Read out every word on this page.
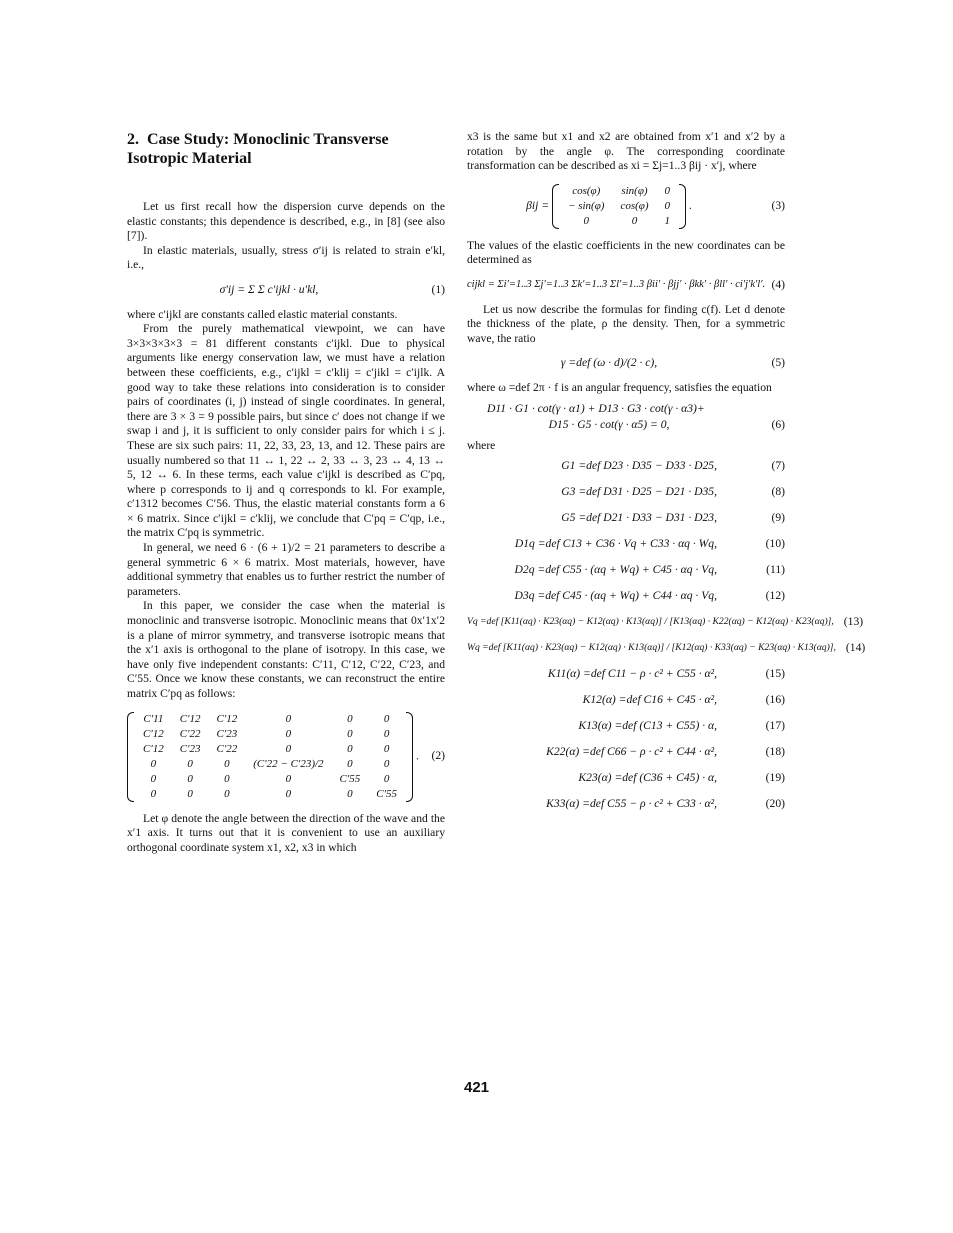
2. Case Study: Monoclinic Transverse Isotropic Material

Let us first recall how the dispersion curve depends on the elastic constants; this dependence is described, e.g., in [8] (see also [7]).

In elastic materials, usually, stress σ′ij is related to strain e′kl, i.e.,

σ′ij = Σ Σ c′ijkl · u′kl,	(1)

where c′ijkl are constants called elastic material constants.

From the purely mathematical viewpoint, we can have 3×3×3×3×3 = 81 different constants c′ijkl. Due to physical arguments like energy conservation law, we must have a relation between these coefficients, e.g., c′ijkl = c′klij = c′jikl = c′ijlk. A good way to take these relations into consideration is to consider pairs of coordinates (i, j) instead of single coordinates. In general, there are 3 × 3 = 9 possible pairs, but since c′ does not change if we swap i and j, it is sufficient to only consider pairs for which i ≤ j. These are six such pairs: 11, 22, 33, 23, 13, and 12. These pairs are usually numbered so that 11 ↔ 1, 22 ↔ 2, 33 ↔ 3, 23 ↔ 4, 13 ↔ 5, 12 ↔ 6. In these terms, each value c′ijkl is described as C′pq, where p corresponds to ij and q corresponds to kl. For example, c′1312 becomes C′56. Thus, the elastic material constants form a 6 × 6 matrix. Since c′ijkl = c′klij, we conclude that C′pq = C′qp, i.e., the matrix C′pq is symmetric.

In general, we need 6 · (6 + 1)/2 = 21 parameters to describe a general symmetric 6 × 6 matrix. Most materials, however, have additional symmetry that enables us to further restrict the number of parameters.

In this paper, we consider the case when the material is monoclinic and transverse isotropic. Monoclinic means that 0x′1x′2 is a plane of mirror symmetry, and transverse isotropic means that the x′1 axis is orthogonal to the plane of isotropy. In this case, we have only five independent constants: C′11, C′12, C′22, C′23, and C′55. Once we know these constants, we can reconstruct the entire matrix C′pq as follows:

C′11	C′12	C′12	0	0	0
C′12	C′22	C′23	0	0	0
C′12	C′23	C′22	0	0	0
0	0	0	(C′22 − C′23)/2	0	0
0	0	0	0	C′55	0
0	0	0	0	0	C′55
.	(2)

Let φ denote the angle between the direction of the wave and the x′1 axis. It turns out that it is convenient to use an auxiliary orthogonal coordinate system x1, x2, x3 in which

x3 is the same but x1 and x2 are obtained from x′1 and x′2 by a rotation by the angle φ. The corresponding coordinate transformation can be described as xi = Σj=1..3 βij · x′j, where

βij =
cos(φ)	sin(φ)	0
− sin(φ)	cos(φ)	0
0	0	1
.	(3)

The values of the elastic coefficients in the new coordinates can be determined as

cijkl = Σi′=1..3 Σj′=1..3 Σk′=1..3 Σl′=1..3 βii′ · βjj′ · βkk′ · βll′ · ci′j′k′l′. (4)

Let us now describe the formulas for finding c(f). Let d denote the thickness of the plate, ρ the density. Then, for a symmetric wave, the ratio

γ =def (ω · d)/(2 · c),	(5)

where ω =def 2π · f is an angular frequency, satisfies the equation

D11 · G1 · cot(γ · α1) + D13 · G3 · cot(γ · α3)+
D15 · G5 · cot(γ · α5) = 0,	(6)

where

G1 =def D23 · D35 − D33 · D25,	(7)
G3 =def D31 · D25 − D21 · D35,	(8)
G5 =def D21 · D33 − D31 · D23,	(9)
D1q =def C13 + C36 · Vq + C33 · αq · Wq,	(10)
D2q =def C55 · (αq + Wq) + C45 · αq · Vq,	(11)
D3q =def C45 · (αq + Wq) + C44 · αq · Vq,	(12)
Vq =def [K11(αq) · K23(αq) − K12(αq) · K13(αq)] / [K13(αq) · K22(αq) − K12(αq) · K23(αq)], (13)
Wq =def [K11(αq) · K23(αq) − K12(αq) · K13(αq)] / [K12(αq) · K33(αq) − K23(αq) · K13(αq)], (14)
K11(α) =def C11 − ρ · c² + C55 · α²,	(15)
K12(α) =def C16 + C45 · α²,	(16)
K13(α) =def (C13 + C55) · α,	(17)
K22(α) =def C66 − ρ · c² + C44 · α²,	(18)
K23(α) =def (C36 + C45) · α,	(19)
K33(α) =def C55 − ρ · c² + C33 · α²,	(20)
421
